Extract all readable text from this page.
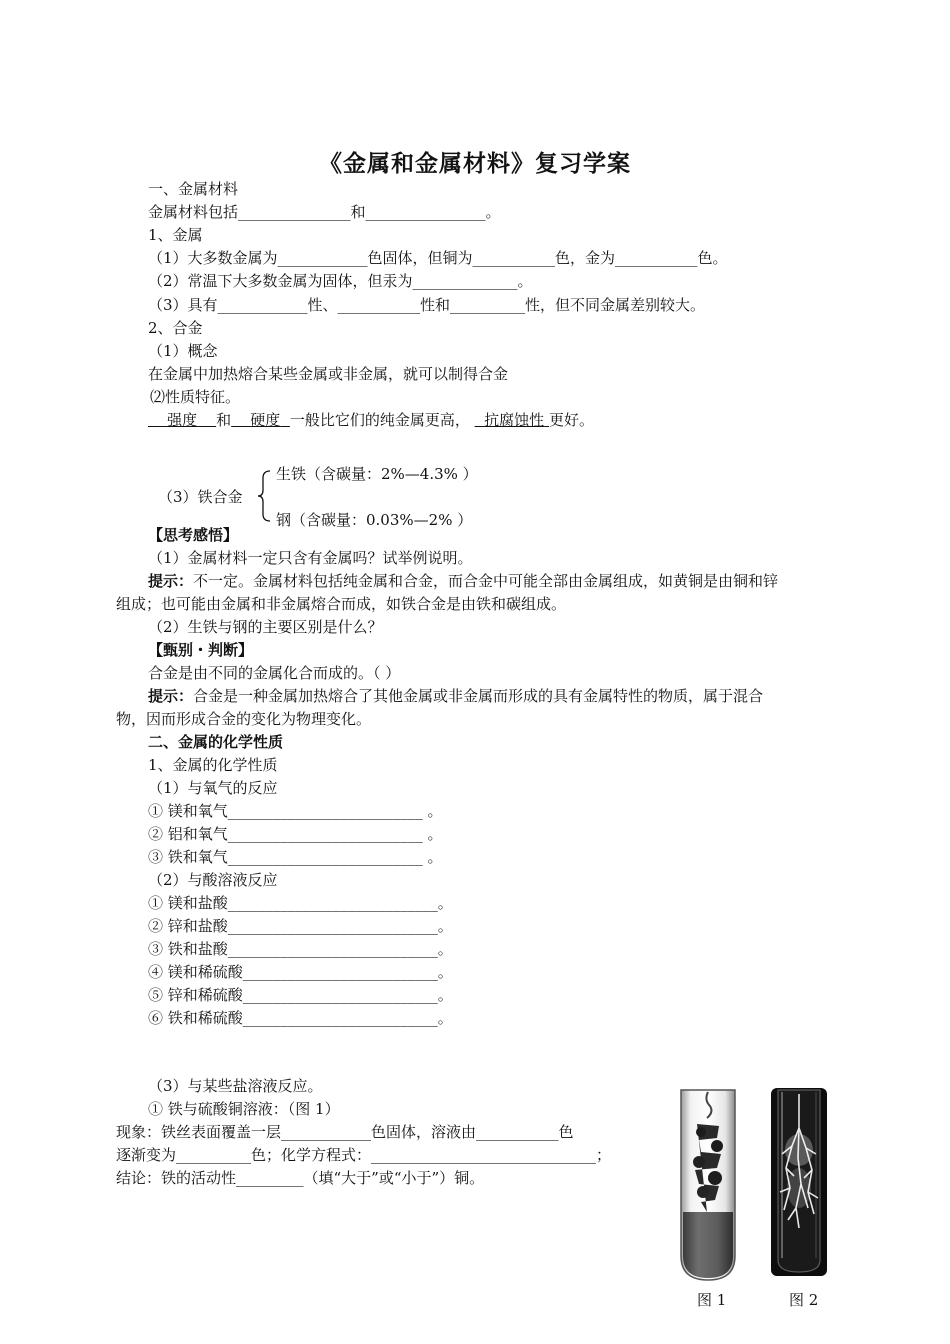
《金属和金属材料》复习学案
一、金属材料
金属材料包括_______________和________________。
1、金属
（1）大多数金属为____________色固体，但铜为___________色，金为___________色。
（2）常温下大多数金属为固体，但汞为______________。
（3）具有____________性、___________性和__________性，但不同金属差别较大。
2、合金
（1）概念
在金属中加热熔合某些金属或非金属，就可以制得合金
⑵性质特征。
强度 和 硬度 一般比它们的纯金属更高， 抗腐蚀性 更好。
（3）铁合金
生铁（含碳量：2%—4.3% ）
钢（含碳量：0.03%—2% ）
【思考感悟】
（1）金属材料一定只含有金属吗？试举例说明。
提示：不一定。金属材料包括纯金属和合金，而合金中可能全部由金属组成，如黄铜是由铜和锌
组成；也可能由金属和非金属熔合而成，如铁合金是由铁和碳组成。
（2）生铁与钢的主要区别是什么？
【甄别・判断】
合金是由不同的金属化合而成的。（ ）
提示：合金是一种金属加热熔合了其他金属或非金属而形成的具有金属特性的物质，属于混合
物，因而形成合金的变化为物理变化。
二、金属的化学性质
1、金属的化学性质
（1）与氧气的反应
① 镁和氧气__________________________ 。
② 铝和氧气__________________________ 。
③ 铁和氧气__________________________ 。
（2）与酸溶液反应
① 镁和盐酸____________________________。
② 锌和盐酸____________________________。
③ 铁和盐酸____________________________。
④ 镁和稀硫酸__________________________。
⑤ 锌和稀硫酸__________________________。
⑥ 铁和稀硫酸__________________________。
（3）与某些盐溶液反应。
① 铁与硫酸铜溶液：（图 1）
现象：铁丝表面覆盖一层____________色固体，溶液由___________色
逐渐变为__________色；化学方程式：______________________________；
结论：铁的活动性_________（填“大于”或“小于”）铜。
图 1	图 2
